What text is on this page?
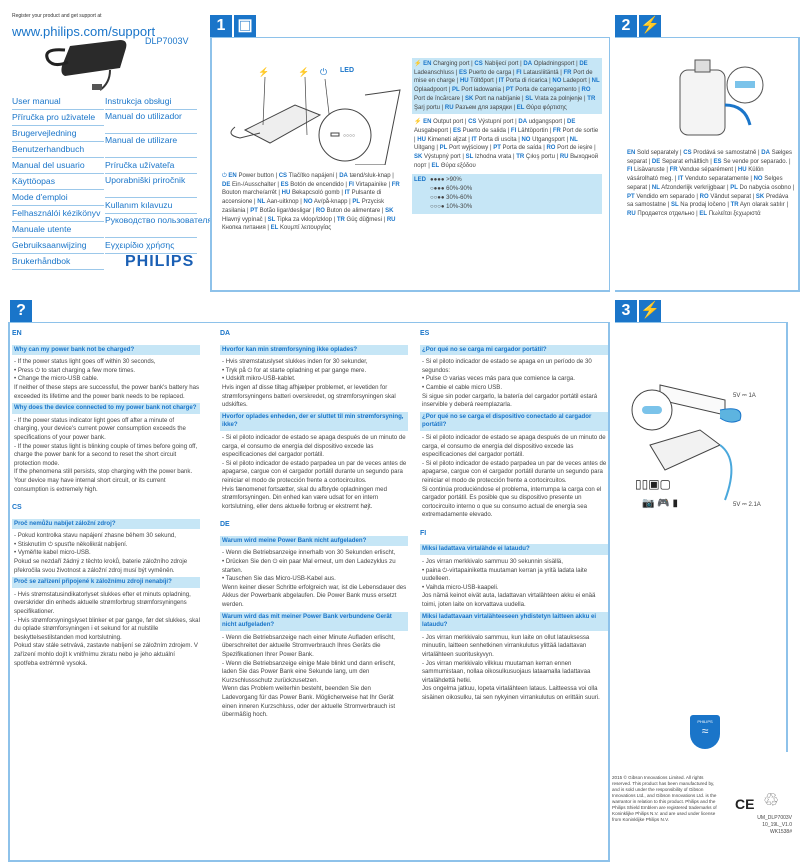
Register your product and get support at
www.philips.com/support
DLP7003V
User manual
Příručka pro uživatele
Brugervejledning
Benutzerhandbuch
Manual del usuario
Käyttöopas
Mode d'emploi
Felhasználói kézikönyv
Manuale utente
Gebruiksaanwijzing
Brukerhåndbok
Instrukcja obsługi
Manual do utilizador
Manual de utilizare
Príručka užívateľa
Uporabniški priročnik
Kullanım kılavuzu
Руководство пользователя
Εγχειρίδιο χρήσης
PHILIPS
1 ▣
○○○○
⚡	⚡ ⏻ LED
⏻ EN Power button | CS Tlačítko napájení | DA tænd/sluk-knap | DE Ein-/Ausschalter | ES Botón de encendido | FI Virtapainike | FR Bouton marche/arrêt | HU Bekapcsoló gomb | IT Pulsante di accensione | NL Aan-uitknop | NO Av/på-knapp | PL Przycisk zasilania | PT Botão ligar/desligar | RO Buton de alimentare | SK Hlavný vypínač | SL Tipka za vklop/izklop | TR Güç düğmesi | RU Кнопка питания | EL Κουμπί λειτουργίας
⚡ EN Charging port | CS Nabíjecí port | DA Opladningsport | DE Ladeanschluss | ES Puerto de carga | FI Latausliitäntä | FR Port de mise en charge | HU Töltőport | IT Porta di ricarica | NO Ladeport | NL Oplaadpoort | PL Port ładowania | PT Porta de carregamento | RO Port de încărcare | SK Port na nabíjanie | SL Vrata za polnjenje | TR Şarj portu | RU Разъем для зарядки | EL Θύρα φόρτισης
⚡ EN Output port | CS Výstupní port | DA udgangsport | DE Ausgabeport | ES Puerto de salida | FI Lähtöportin | FR Port de sortie | HU Kimeneti aljzat | IT Porta di uscita | NO Utgangsport | NL Uitgang | PL Port wyjściowy | PT Porta de saída | RO Port de ieșire | SK Výstupný port | SL Izhodna vrata | TR Çıkış portu | RU Выходной порт | EL Θύρα εξόδου
LED ●●●● >90%
○●●● 60%-90%
○○●● 30%-60%
○○○● 10%-30%
2 ⚡
EN Sold separately | CS Prodává se samostatně | DA Sælges separat | DE Separat erhältlich | ES Se vende por separado. | FI Lisävaruste | FR Vendue séparément | HU Külön vásárolható meg. | IT Venduto separatamente | NO Selges separat | NL Afzonderlijk verkrijgbaar | PL Do nabycia osobno | PT Vendido em separado | RO Vândut separat | SK Predáva sa samostatne | SL Na prodaj ločeno | TR Ayrı olarak satılır | RU Продается отдельно | EL Πωλείται ξεχωριστά
?
EN
Why can my power bank not be charged?

- If the power status light goes off within 30 seconds,

• Press ⏻ to start charging a few more times.

• Change the micro-USB cable.

If neither of these steps are successful, the power bank's battery has exceeded its lifetime and the power bank needs to be replaced.

Why does the device connected to my power bank not charge?

- If the power status indicator light goes off after a minute of charging, your device's current power consumption exceeds the specifications of your power bank.

- If the power status light is blinking couple of times before going off, charge the power bank for a second to reset the short circuit protection mode.

If the phenomena still persists, stop charging with the power bank. Your device may have internal short circuit, or its current consumption is extremely high.

CS
Proč nemůžu nabíjet záložní zdroj?

- Pokud kontrolka stavu napájení zhasne během 30 sekund,

• Stisknutím ⏻ spusťte několikrát nabíjení.

• Vyměňte kabel micro-USB.

Pokud se nezdaří žádný z těchto kroků, baterie záložního zdroje překročila svou životnost a záložní zdroj musí být vyměněn.

Proč se zařízení připojené k záložnímu zdroji nenabíjí?

- Hvis strømstatusindikatorlyset slukkes efter et minuts opladning, overskrider din enheds aktuelle strømforbrug strømforsyningens specifikationer.

- Hvis strømforsyningslyset blinker et par gange, før det slukkes, skal du oplade strømforsyningen i et sekund for at nulstille beskyttelsestilstanden mod kortslutning.

Pokud stav stále setrvává, zastavte nabíjení se záložním zdrojem. V zařízení mohlo dojít k vnitřnímu zkratu nebo je jeho aktuální spotřeba extrémně vysoká.

DA
Hvorfor kan min strømforsyning ikke oplades?

- Hvis strømstatuslyset slukkes inden for 30 sekunder,

• Tryk på ⏻ for at starte opladning et par gange mere.

• Udskift mikro-USB-kablet.

Hvis ingen af disse tiltag afhjælper problemet, er levetiden for strømforsyningens batteri overskredet, og strømforsyningen skal udskiftes.

Hvorfor oplades enheden, der er sluttet til min strømforsyning, ikke?

- Si el piloto indicador de estado se apaga después de un minuto de carga, el consumo de energía del dispositivo excede las especificaciones del cargador portátil.

- Si el piloto indicador de estado parpadea un par de veces antes de apagarse, cargue con el cargador portátil durante un segundo para reiniciar el modo de protección frente a cortocircuitos.

Hvis fænomenet fortsætter, skal du afbryde opladningen med strømforsyningen. Din enhed kan være udsat for en intern kortslutning, eller dens aktuelle forbrug er ekstremt højt.

DE
Warum wird meine Power Bank nicht aufgeladen?

- Wenn die Betriebsanzeige innerhalb von 30 Sekunden erlischt,

• Drücken Sie den ⏻ ein paar Mal erneut, um den Ladezyklus zu starten.

• Tauschen Sie das Micro-USB-Kabel aus.

Wenn keiner dieser Schritte erfolgreich war, ist die Lebensdauer des Akkus der Powerbank abgelaufen. Die Power Bank muss ersetzt werden.

Warum wird das mit meiner Power Bank verbundene Gerät nicht aufgeladen?

- Wenn die Betriebsanzeige nach einer Minute Aufladen erlischt, überschreitet der aktuelle Stromverbrauch Ihres Geräts die Spezifikationen Ihrer Power Bank.

- Wenn die Betriebsanzeige einige Male blinkt und dann erlischt, laden Sie das Power Bank eine Sekunde lang, um den Kurzschlussschutz zurückzusetzen.

Wenn das Problem weiterhin besteht, beenden Sie den Ladevorgang für das Power Bank. Möglicherweise hat Ihr Gerät einen inneren Kurzschluss, oder der aktuelle Stromverbrauch ist übermäßig hoch.

ES
¿Por qué no se carga mi cargador portátil?

- Si el piloto indicador de estado se apaga en un período de 30 segundos:

• Pulse ⏻ varias veces más para que comience la carga.

• Cambie el cable micro USB.

Si sigue sin poder cargarlo, la batería del cargador portátil estará inservible y deberá reemplazarla.

¿Por qué no se carga el dispositivo conectado al cargador portátil?

- Si el piloto indicador de estado se apaga después de un minuto de carga, el consumo de energía del dispositivo excede las especificaciones del cargador portátil.

- Si el piloto indicador de estado parpadea un par de veces antes de apagarse, cargue con el cargador portátil durante un segundo para reiniciar el modo de protección frente a cortocircuitos.

Si continúa produciéndose el problema, interrumpa la carga con el cargador portátil. Es posible que su dispositivo presente un cortocircuito interno o que su consumo actual de energía sea extremadamente elevado.

FI
Miksi ladattava virtalähde ei lataudu?

- Jos virran merkkivalo sammuu 30 sekunnin sisällä,

• paina ⏻-virtapainiketta muutaman kerran ja yritä ladata laite uudelleen.

• Vaihda micro-USB-kaapeli.

Jos nämä keinot eivät auta, ladattavan virtalähteen akku ei enää toimi, joten laite on korvattava uudella.

Miksi ladattavaan virtalähteeseen yhdistetyn laitteen akku ei lataudu?

- Jos virran merkkivalo sammuu, kun laite on ollut latauksessa minuutin, laitteen senhetkinen virrankulutus ylittää ladattavan virtalähteen suorituskyvyn.

- Jos virran merkkivalo vilkkuu muutaman kerran ennen sammumistaan, nollaa oikosulkusuojaus lataamalla ladattavaa virtalähdettä hetki.

Jos ongelma jatkuu, lopeta virtalähteen lataus. Laitteessa voi olla sisäinen oikosulku, tai sen nykyinen virrankulutus on erittäin suuri.

3 ⚡
▯▯▣▢
📷 🎮 ▮
5V ⎓ 1A
5V ⎓ 2.1A
PHILIPS
≈
2015 © Gibson Innovations Limited. All rights reserved. This product has been manufactured by, and is sold under the responsibility of Gibson Innovations Ltd., and Gibson Innovations Ltd. is the warrantor in relation to this product. Philips and the Philips Shield Emblem are registered trademarks of Koninklijke Philips N.V. and are used under license from Koninklijke Philips N.V.
CE ♲
UM_DLP7003V
10_19L_V1.0
WK1538#
